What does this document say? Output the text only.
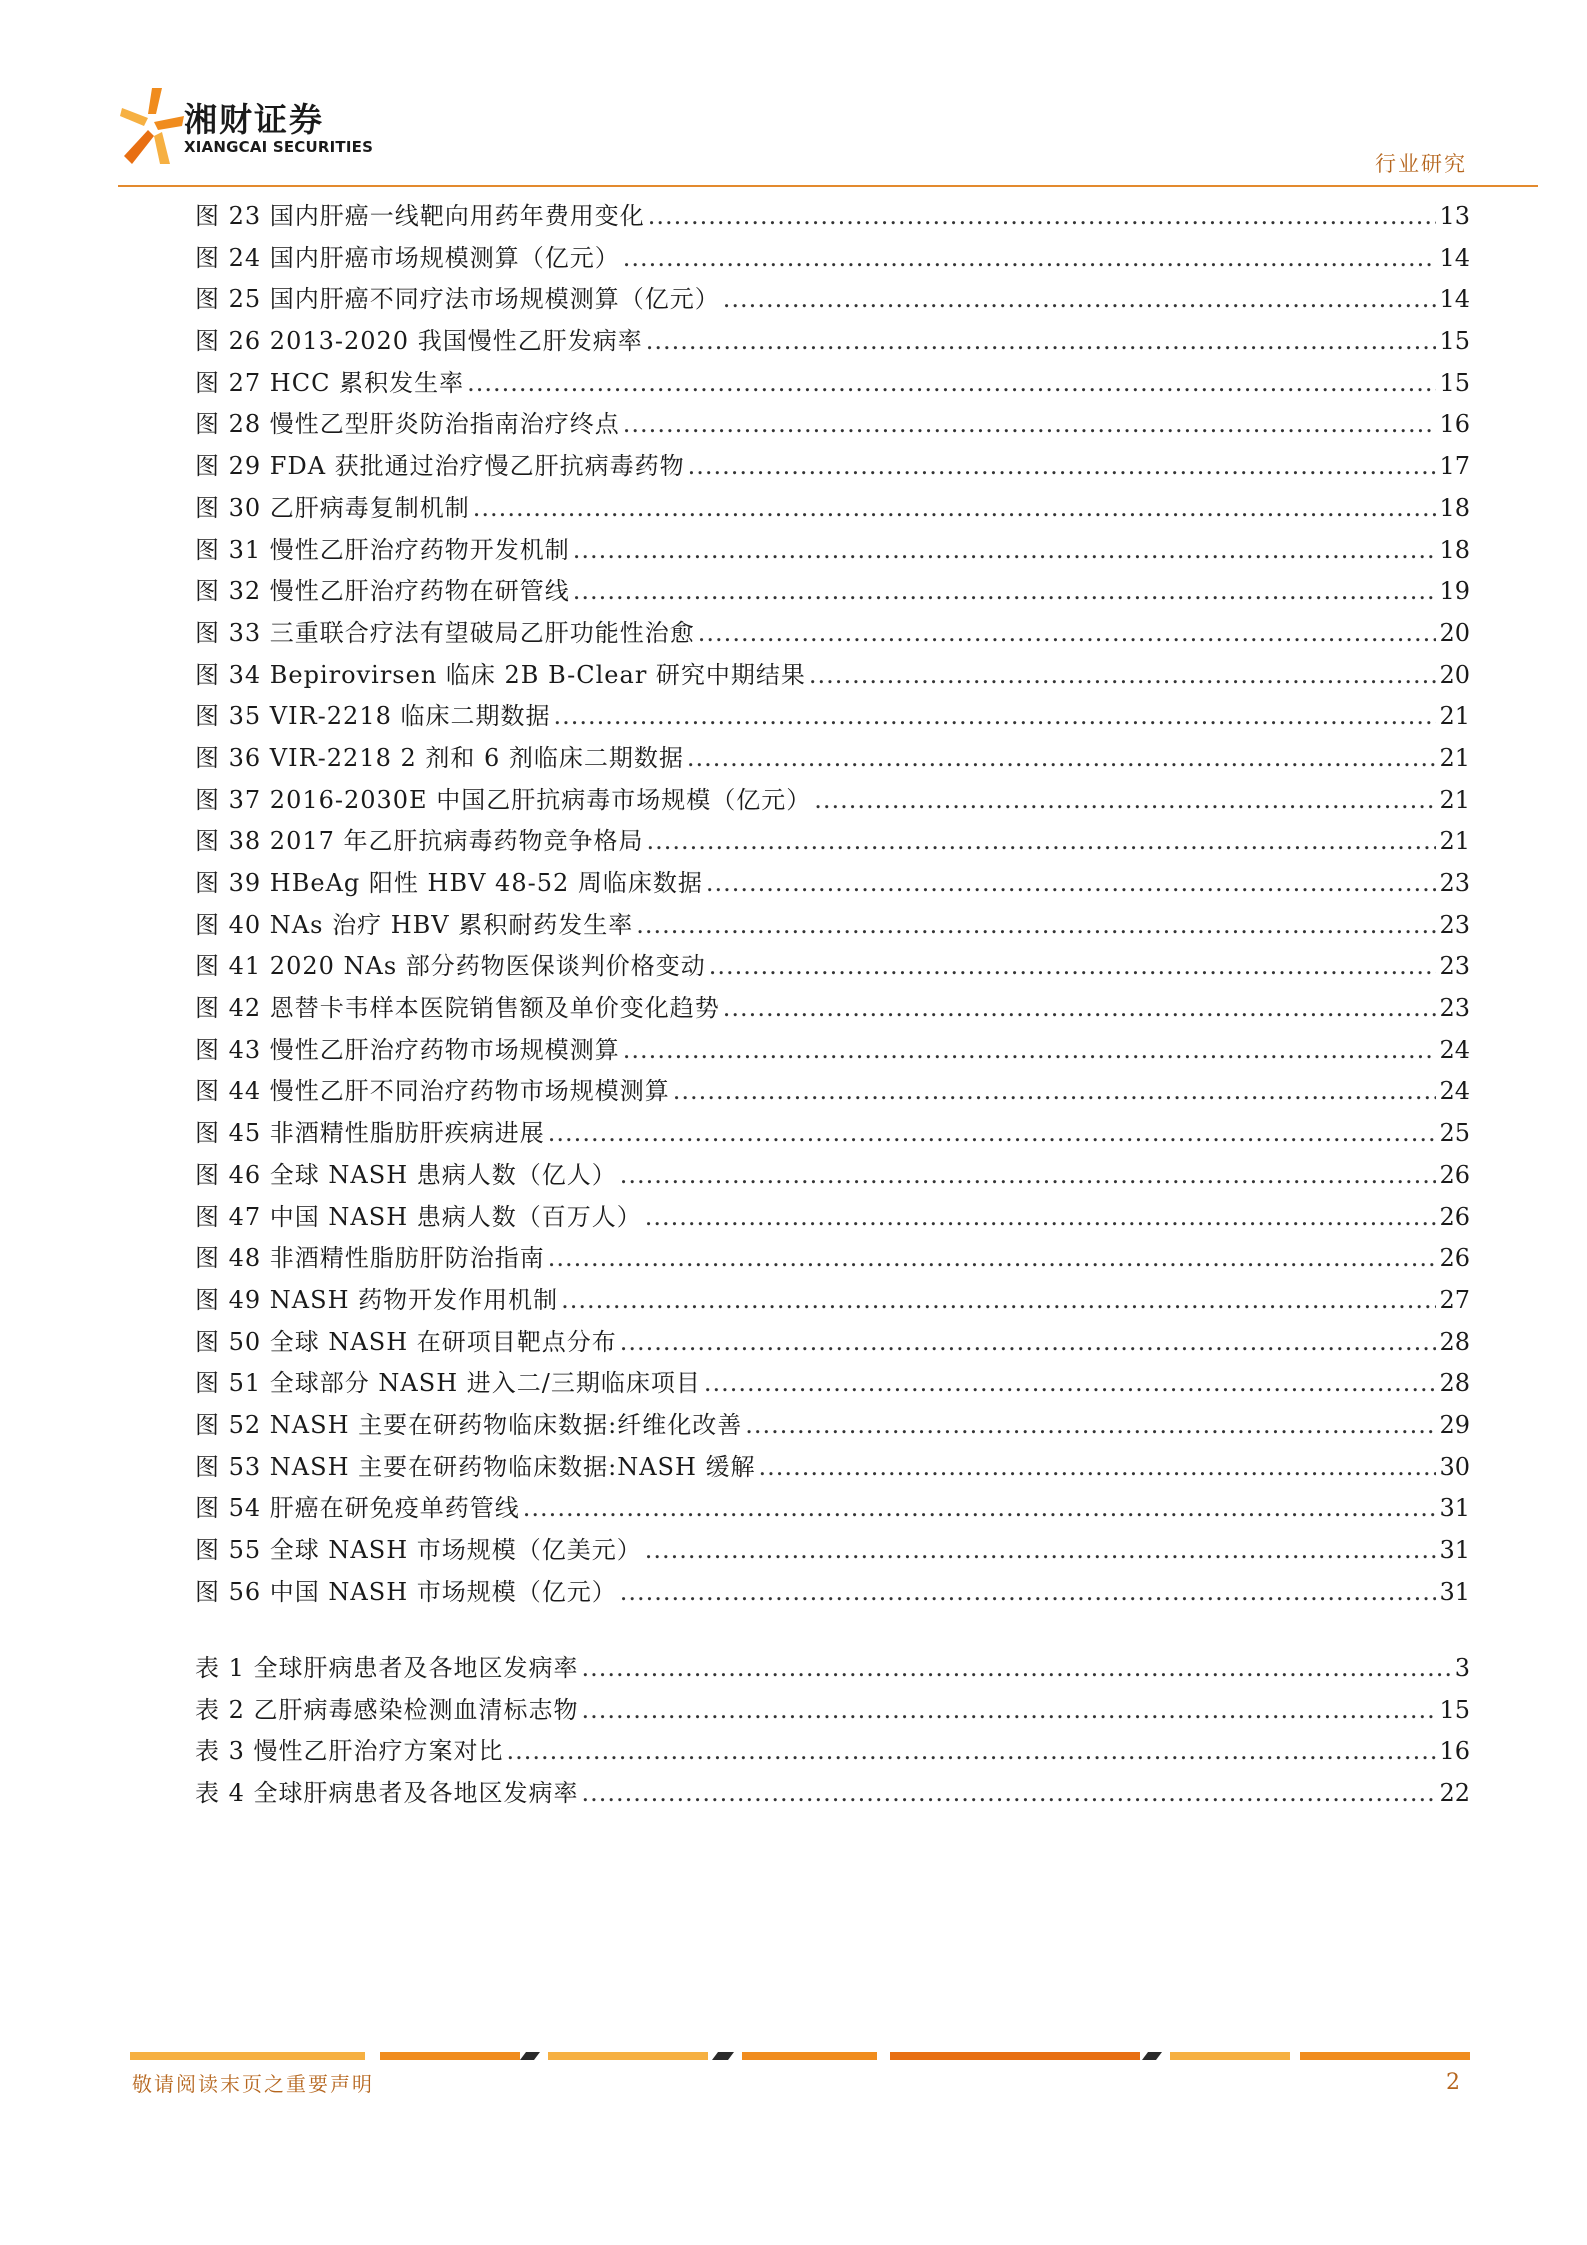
湘财证券
XIANGCAI SECURITIES
行业研究
图 23 国内肝癌一线靶向用药年费用变化 .....	13
图 24 国内肝癌市场规模测算（亿元） .....	14
图 25 国内肝癌不同疗法市场规模测算（亿元） .....	14
图 26 2013-2020 我国慢性乙肝发病率 .....	15
图 27 HCC 累积发生率 .....	15
图 28 慢性乙型肝炎防治指南治疗终点 .....	16
图 29 FDA 获批通过治疗慢乙肝抗病毒药物 .....	17
图 30 乙肝病毒复制机制 .....	18
图 31 慢性乙肝治疗药物开发机制 .....	18
图 32 慢性乙肝治疗药物在研管线 .....	19
图 33 三重联合疗法有望破局乙肝功能性治愈 .....	20
图 34 Bepirovirsen 临床 2B B-Clear 研究中期结果 .....	20
图 35 VIR-2218 临床二期数据 .....	21
图 36 VIR-2218 2 剂和 6 剂临床二期数据 .....	21
图 37 2016-2030E 中国乙肝抗病毒市场规模（亿元） .....	21
图 38 2017 年乙肝抗病毒药物竞争格局 .....	21
图 39 HBeAg 阳性 HBV 48-52 周临床数据 .....	23
图 40 NAs 治疗 HBV 累积耐药发生率 .....	23
图 41 2020 NAs 部分药物医保谈判价格变动 .....	23
图 42 恩替卡韦样本医院销售额及单价变化趋势 .....	23
图 43 慢性乙肝治疗药物市场规模测算 .....	24
图 44 慢性乙肝不同治疗药物市场规模测算 .....	24
图 45 非酒精性脂肪肝疾病进展 .....	25
图 46 全球 NASH 患病人数（亿人） .....	26
图 47 中国 NASH 患病人数（百万人） .....	26
图 48 非酒精性脂肪肝防治指南 .....	26
图 49 NASH 药物开发作用机制 .....	27
图 50 全球 NASH 在研项目靶点分布 .....	28
图 51 全球部分 NASH 进入二/三期临床项目 .....	28
图 52 NASH 主要在研药物临床数据:纤维化改善 .....	29
图 53 NASH 主要在研药物临床数据:NASH 缓解 .....	30
图 54 肝癌在研免疫单药管线 .....	31
图 55 全球 NASH 市场规模（亿美元） .....	31
图 56 中国 NASH 市场规模（亿元） .....	31
表 1 全球肝病患者及各地区发病率 .....	3
表 2 乙肝病毒感染检测血清标志物 .....	15
表 3 慢性乙肝治疗方案对比 .....	16
表 4 全球肝病患者及各地区发病率 .....	22
敬请阅读末页之重要声明	2
